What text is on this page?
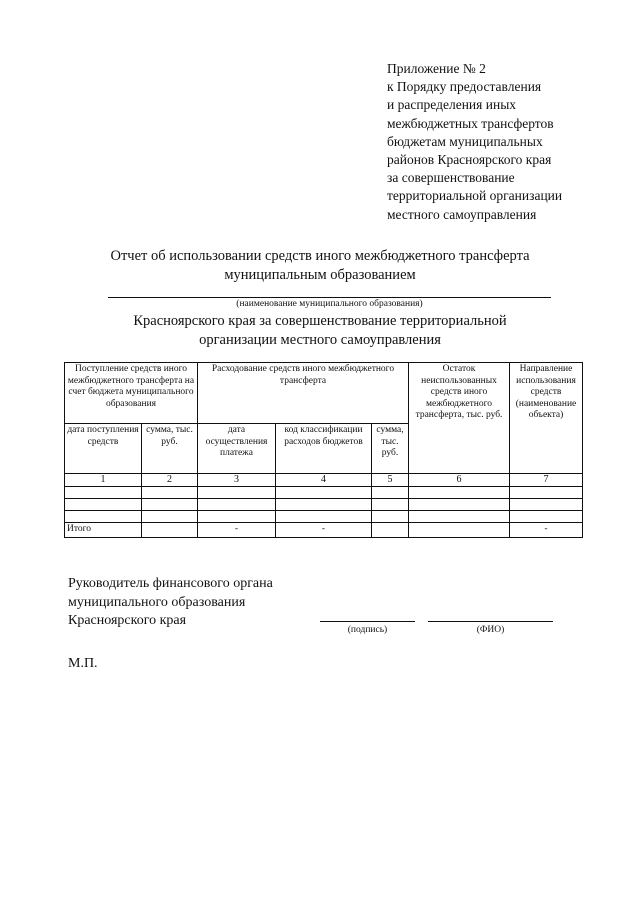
Приложение № 2
к Порядку предоставления
и распределения иных
межбюджетных трансфертов
бюджетам муниципальных
районов Красноярского края
за совершенствование
территориальной организации
местного самоуправления
Отчет об использовании средств иного межбюджетного трансферта
муниципальным образованием
(наименование муниципального образования)
Красноярского края за совершенствование территориальной
организации местного самоуправления
Поступление средств иного межбюджетного трансферта на счет бюджета муниципального образования		Расходование средств иного межбюджетного трансферта			Остаток неиспользованных средств иного межбюджетного трансферта, тыс. руб.	Направление использования средств (наименование объекта)
дата поступления средств	сумма, тыс. руб.	дата осуществления платежа	код классификации расходов бюджетов	сумма, тыс. руб.		
1	2	3	4	5	6	7

Итого		-	-			-
Руководитель финансового органа
муниципального образования
Красноярского края
(подпись)	(ФИО)
М.П.
